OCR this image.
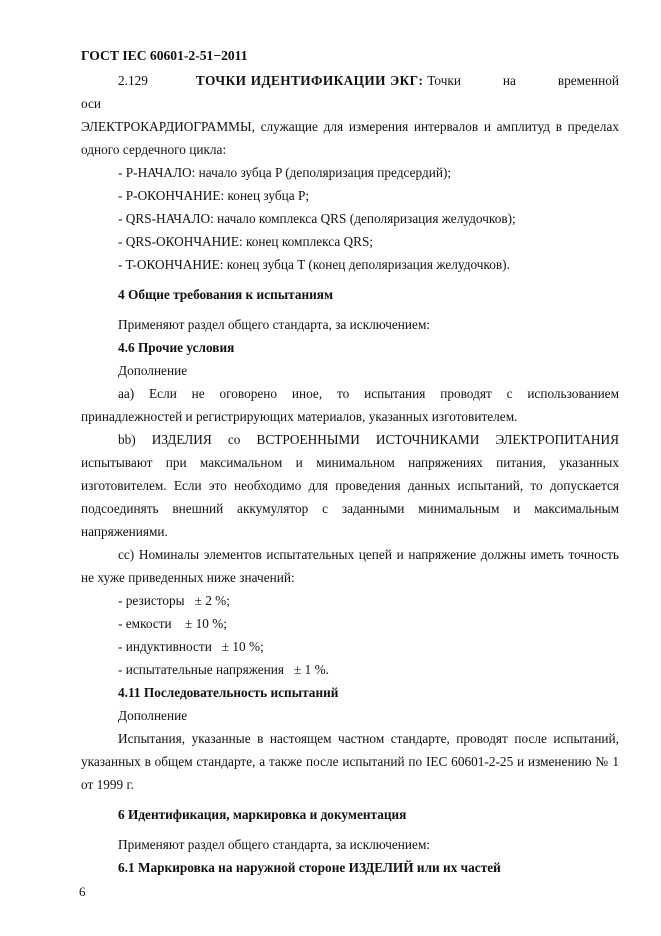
ГОСТ IEC 60601-2-51−2011

2.129	ТОЧКИ ИДЕНТИФИКАЦИИ ЭКГ: Точки на временной оси

ЭЛЕКТРОКАРДИОГРАММЫ, служащие для измерения интервалов и амплитуд в пределах одного сердечного цикла:

- P-НАЧАЛО: начало зубца P (деполяризация предсердий);

- P-ОКОНЧАНИЕ: конец зубца P;

- QRS-НАЧАЛО: начало комплекса QRS (деполяризация желудочков);

- QRS-ОКОНЧАНИЕ: конец комплекса QRS;

- T-ОКОНЧАНИЕ: конец зубца T (конец деполяризация желудочков).

4 Общие требования к испытаниям

Применяют раздел общего стандарта, за исключением:

4.6 Прочие условия

Дополнение

аа) Если не оговорено иное, то испытания проводят с использованием принадлежностей и регистрирующих материалов, указанных изготовителем.

bb) ИЗДЕЛИЯ со ВСТРОЕННЫМИ ИСТОЧНИКАМИ ЭЛЕКТРОПИТАНИЯ испытывают при максимальном и минимальном напряжениях питания, указанных изготовителем. Если это необходимо для проведения данных испытаний, то допускается подсоединять внешний аккумулятор с заданными минимальным и максимальным напряжениями.

сс) Номиналы элементов испытательных цепей и напряжение должны иметь точность не хуже приведенных ниже значений:

- резисторы   ± 2 %;

- емкости    ± 10 %;

- индуктивности   ± 10 %;

- испытательные напряжения   ± 1 %.

4.11 Последовательность испытаний

Дополнение

Испытания, указанные в настоящем частном стандарте, проводят после испытаний, указанных в общем стандарте, а также после испытаний по IEC 60601-2-25 и изменению № 1 от 1999 г.

6 Идентификация, маркировка и документация

Применяют раздел общего стандарта, за исключением:

6.1 Маркировка на наружной стороне ИЗДЕЛИЙ или их частей

6
